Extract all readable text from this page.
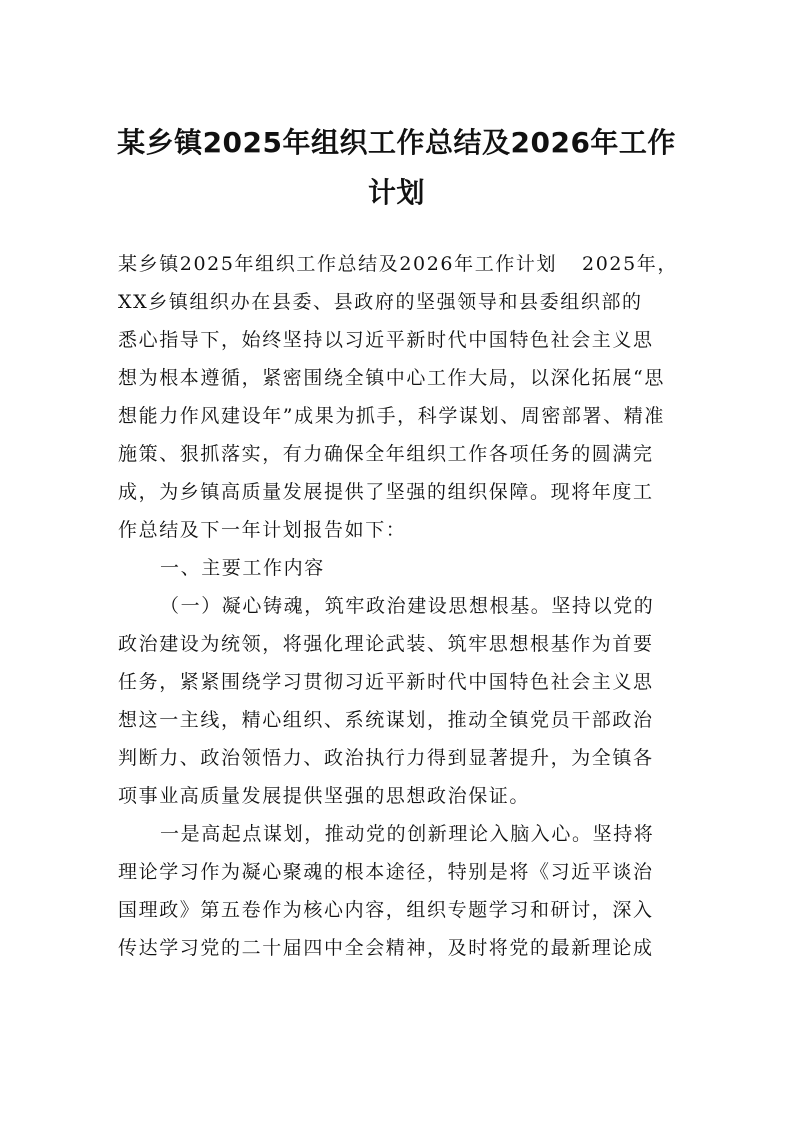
某乡镇2025年组织工作总结及2026年工作
计划
某乡镇2025年组织工作总结及2026年工作计划 2025年，
XX乡镇组织办在县委、县政府的坚强领导和县委组织部的
悉心指导下，始终坚持以习近平新时代中国特色社会主义思
想为根本遵循，紧密围绕全镇中心工作大局，以深化拓展“思
想能力作风建设年”成果为抓手，科学谋划、周密部署、精准
施策、狠抓落实，有力确保全年组织工作各项任务的圆满完
成，为乡镇高质量发展提供了坚强的组织保障。现将年度工
作总结及下一年计划报告如下：
一、主要工作内容
（一）凝心铸魂，筑牢政治建设思想根基。坚持以党的
政治建设为统领，将强化理论武装、筑牢思想根基作为首要
任务，紧紧围绕学习贯彻习近平新时代中国特色社会主义思
想这一主线，精心组织、系统谋划，推动全镇党员干部政治
判断力、政治领悟力、政治执行力得到显著提升，为全镇各
项事业高质量发展提供坚强的思想政治保证。
一是高起点谋划，推动党的创新理论入脑入心。坚持将
理论学习作为凝心聚魂的根本途径，特别是将《习近平谈治
国理政》第五卷作为核心内容，组织专题学习和研讨，深入
传达学习党的二十届四中全会精神，及时将党的最新理论成
